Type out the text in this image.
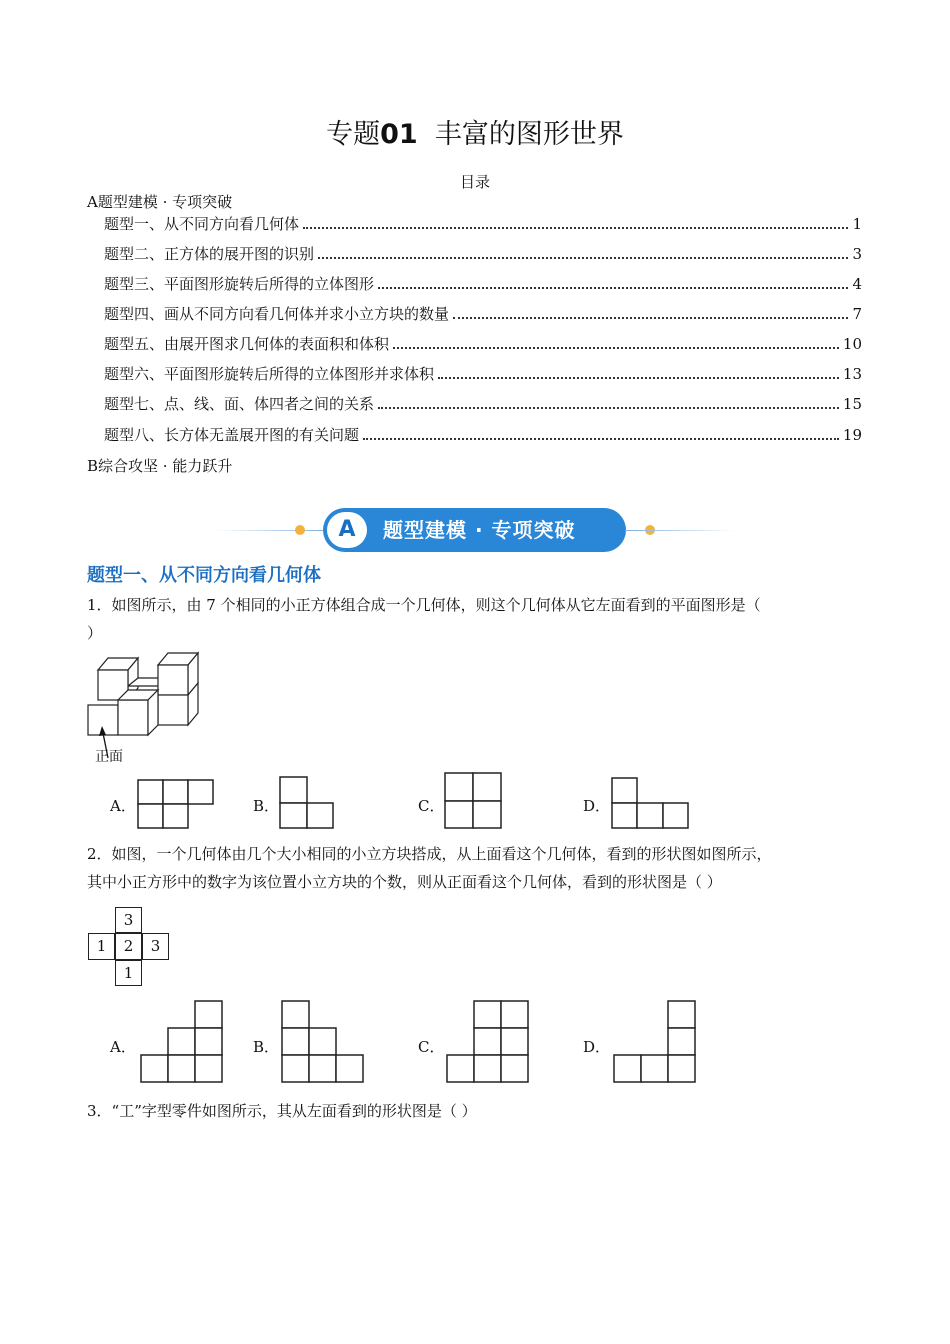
专题01 丰富的图形世界
目录
A题型建模 · 专项突破
题型一、从不同方向看几何体	1
题型二、正方体的展开图的识别	3
题型三、平面图形旋转后所得的立体图形	4
题型四、画从不同方向看几何体并求小立方块的数量	7
题型五、由展开图求几何体的表面积和体积	10
题型六、平面图形旋转后所得的立体图形并求体积	13
题型七、点、线、面、体四者之间的关系	15
题型八、长方体无盖展开图的有关问题	19
B综合攻坚 · 能力跃升
A	题型建模 · 专项突破
题型一、从不同方向看几何体
1．如图所示，由 7 个相同的小正方体组合成一个几何体，则这个几何体从它左面看到的平面图形是（
）
正面
A．	B．	C．	D．
2．如图，一个几何体由几个大小相同的小立方块搭成，从上面看这个几何体，看到的形状图如图所示，
其中小正方形中的数字为该位置小立方块的个数，则从正面看这个几何体，看到的形状图是（ ）
3
1	2	3
1
A．	B．	C．	D．
3．“工”字型零件如图所示，其从左面看到的形状图是（ ）
